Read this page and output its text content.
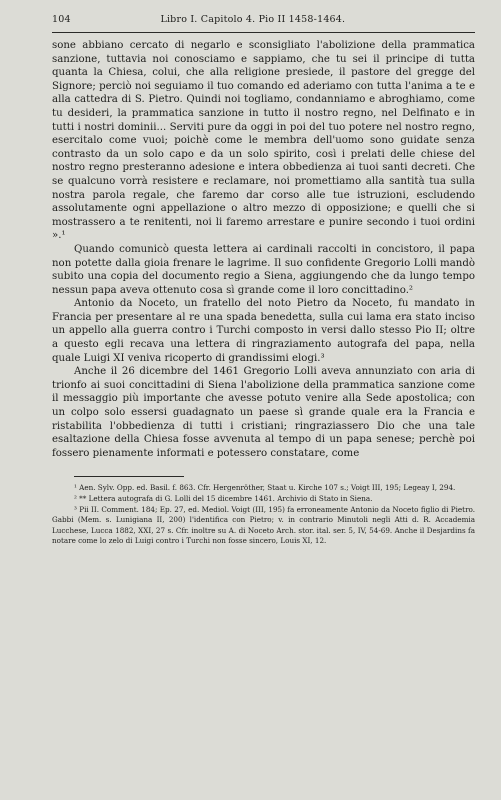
104	Libro I. Capitolo 4. Pio II 1458-1464.

sone abbiano cercato di negarlo e sconsigliato l'abolizione della prammatica sanzione, tuttavia noi conosciamo e sappiamo, che tu sei il principe di tutta quanta la Chiesa, colui, che alla religione presiede, il pastore del gregge del Signore; perciò noi seguiamo il tuo comando ed aderiamo con tutta l'anima a te e alla cattedra di S. Pietro. Quindi noi togliamo, condanniamo e abroghiamo, come tu desideri, la prammatica sanzione in tutto il nostro regno, nel Delfinato e in tutti i nostri dominii... Serviti pure da oggi in poi del tuo potere nel nostro regno, esercitalo come vuoi; poichè come le membra dell'uomo sono guidate senza contrasto da un solo capo e da un solo spirito, così i prelati delle chiese del nostro regno presteranno adesione e intera obbedienza ai tuoi santi decreti. Che se qualcuno vorrà resistere e reclamare, noi promettiamo alla santità tua sulla nostra parola regale, che faremo dar corso alle tue istruzioni, escludendo assolutamente ogni appellazione o altro mezzo di opposizione; e quelli che si mostrassero a te renitenti, noi li faremo arrestare e punire secondo i tuoi ordini ».¹

Quando comunicò questa lettera ai cardinali raccolti in concistoro, il papa non potette dalla gioia frenare le lagrime. Il suo confidente Gregorio Lolli mandò subito una copia del documento regio a Siena, aggiungendo che da lungo tempo nessun papa aveva ottenuto cosa sì grande come il loro concittadino.²

Antonio da Noceto, un fratello del noto Pietro da Noceto, fu mandato in Francia per presentare al re una spada benedetta, sulla cui lama era stato inciso un appello alla guerra contro i Turchi composto in versi dallo stesso Pio II; oltre a questo egli recava una lettera di ringraziamento autografa del papa, nella quale Luigi XI veniva ricoperto di grandissimi elogi.³

Anche il 26 dicembre del 1461 Gregorio Lolli aveva annunziato con aria di trionfo ai suoi concittadini di Siena l'abolizione della prammatica sanzione come il messaggio più importante che avesse potuto venire alla Sede apostolica; con un colpo solo essersi guadagnato un paese sì grande quale era la Francia e ristabilita l'obbedienza di tutti i cristiani; ringraziassero Dio che una tale esaltazione della Chiesa fosse avvenuta al tempo di un papa senese; perchè poi fossero pienamente informati e potessero constatare, come

¹ Aen. Sylv. Opp. ed. Basil. f. 863. Cfr. Hergenröther, Staat u. Kirche 107 s.; Voigt III, 195; Legeay I, 294.

² ** Lettera autografa di G. Lolli del 15 dicembre 1461. Archivio di Stato in Siena.

³ Pii II. Comment. 184; Ep. 27, ed. Mediol. Voigt (III, 195) fa erroneamente Antonio da Noceto figlio di Pietro. Gabbi (Mem. s. Lunigiana II, 200) l'identifica con Pietro; v. in contrario Minutoli negli Atti d. R. Accademia Lucchese, Lucca 1882, XXI, 27 s. Cfr. inoltre su A. di Noceto Arch. stor. ital. ser. 5, IV, 54-69. Anche il Desjardins fa notare come lo zelo di Luigi contro i Turchi non fosse sincero, Louis XI, 12.
